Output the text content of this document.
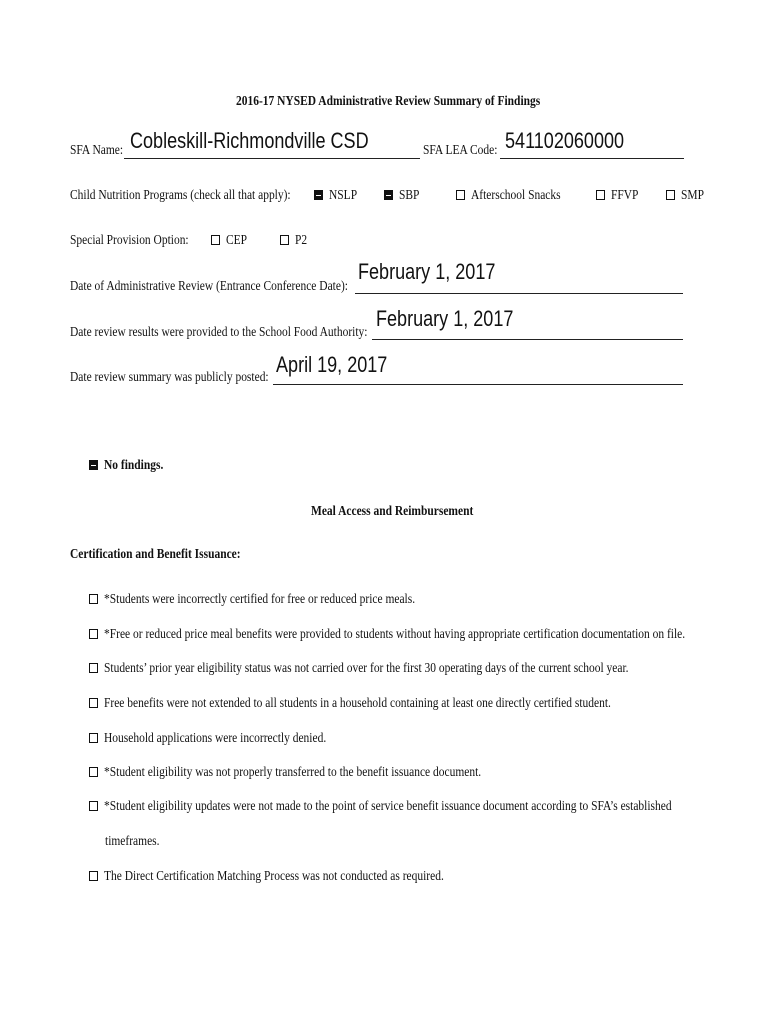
2016-17 NYSED Administrative Review Summary of Findings
SFA Name: Cobleskill-Richmondville CSD	SFA LEA Code: 541102060000
Child Nutrition Programs (check all that apply):	NSLP	SBP	Afterschool Snacks	FFVP	SMP
Special Provision Option:	CEP	P2
Date of Administrative Review (Entrance Conference Date):
February 1, 2017
Date review results were provided to the School Food Authority:
February 1, 2017
Date review summary was publicly posted:
April 19, 2017
No findings.
Meal Access and Reimbursement
Certification and Benefit Issuance:
*Students were incorrectly certified for free or reduced price meals.
*Free or reduced price meal benefits were provided to students without having appropriate certification documentation on file.
Students’ prior year eligibility status was not carried over for the first 30 operating days of the current school year.
Free benefits were not extended to all students in a household containing at least one directly certified student.
Household applications were incorrectly denied.
*Student eligibility was not properly transferred to the benefit issuance document.
*Student eligibility updates were not made to the point of service benefit issuance document according to SFA’s established
timeframes.
The Direct Certification Matching Process was not conducted as required.
